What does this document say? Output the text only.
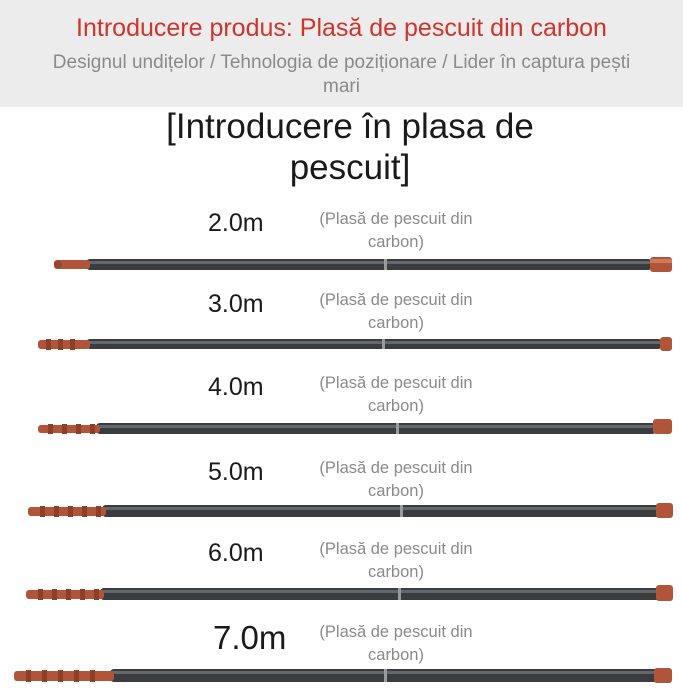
Introducere produs: Plasă de pescuit din carbon
Designul undițelor / Tehnologia de poziționare / Lider în captura pești mari
[Introducere în plasa de pescuit]
2.0m	(Plasă de pescuit din carbon)
3.0m	(Plasă de pescuit din carbon)
4.0m	(Plasă de pescuit din carbon)
5.0m	(Plasă de pescuit din carbon)
6.0m	(Plasă de pescuit din carbon)
7.0m (Plasă de pescuit din carbon)
